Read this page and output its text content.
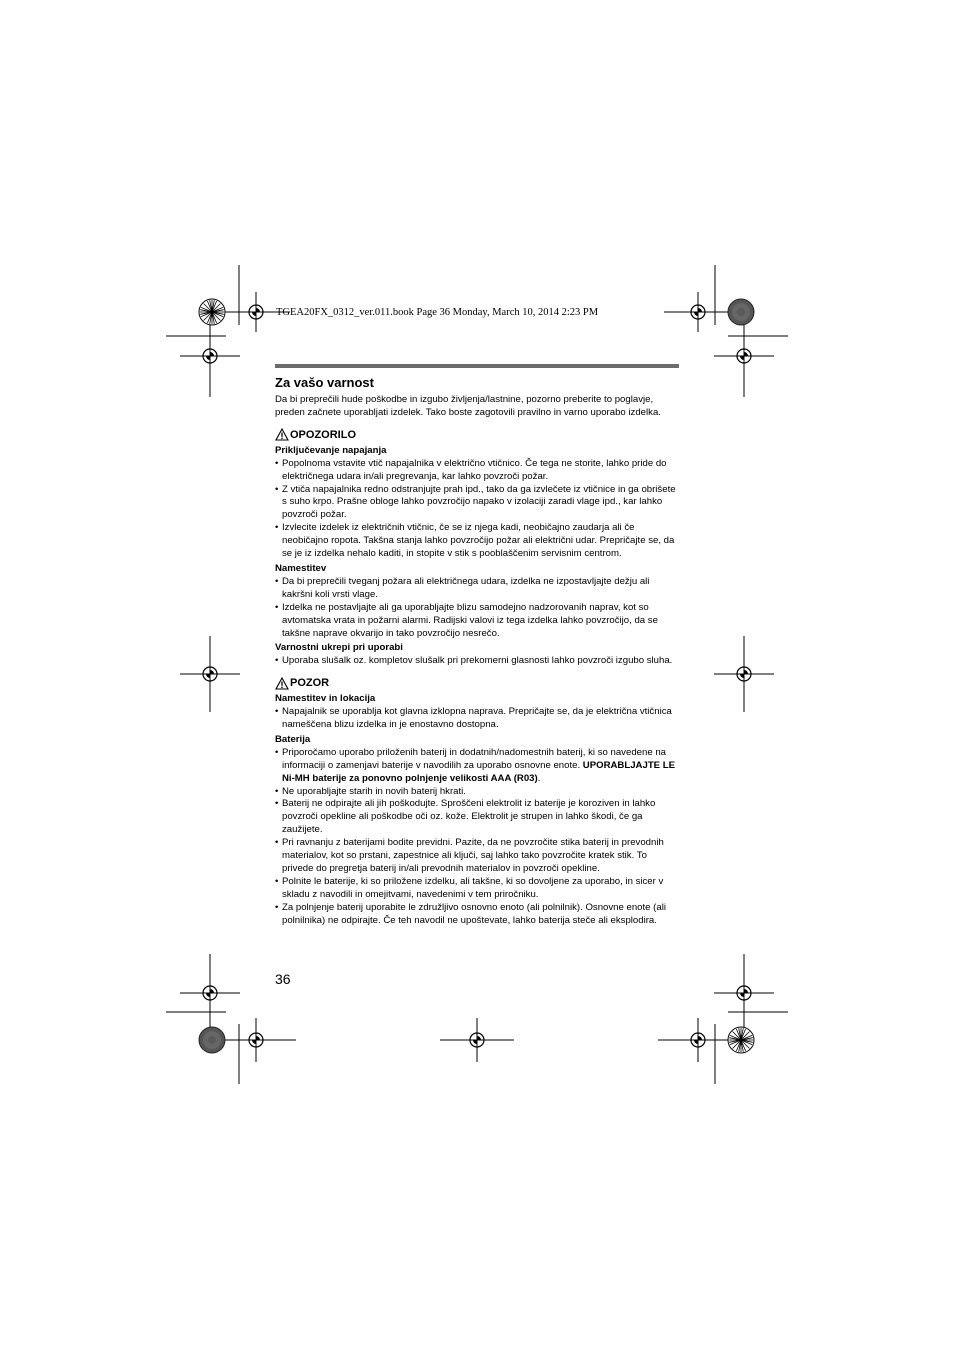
TGEA20FX_0312_ver.011.book Page 36 Monday, March 10, 2014 2:23 PM
Za vašo varnost

Da bi preprečili hude poškodbe in izgubo življenja/lastnine, pozorno preberite to poglavje, preden začnete uporabljati izdelek. Tako boste zagotovili pravilno in varno uporabo izdelka.

OPOZORILO
Priključevanje napajanja
• Popolnoma vstavite vtič napajalnika v električno vtičnico. Če tega ne storite, lahko pride do električnega udara in/ali pregrevanja, kar lahko povzroči požar.
• Z vtiča napajalnika redno odstranjujte prah ipd., tako da ga izvlečete iz vtičnice in ga obrišete s suho krpo. Prašne obloge lahko povzročijo napako v izolaciji zaradi vlage ipd., kar lahko povzroči požar.
• Izvlecite izdelek iz električnih vtičnic, če se iz njega kadi, neobičajno zaudarja ali če neobičajno ropota. Takšna stanja lahko povzročijo požar ali električni udar. Prepričajte se, da se je iz izdelka nehalo kaditi, in stopite v stik s pooblaščenim servisnim centrom.
Namestitev
• Da bi preprečili tveganj požara ali električnega udara, izdelka ne izpostavljajte dežju ali kakršni koli vrsti vlage.
• Izdelka ne postavljajte ali ga uporabljajte blizu samodejno nadzorovanih naprav, kot so avtomatska vrata in požarni alarmi. Radijski valovi iz tega izdelka lahko povzročijo, da se takšne naprave okvarijo in tako povzročijo nesrečo.
Varnostni ukrepi pri uporabi
• Uporaba slušalk oz. kompletov slušalk pri prekomerni glasnosti lahko povzroči izgubo sluha.
POZOR
Namestitev in lokacija
• Napajalnik se uporablja kot glavna izklopna naprava. Prepričajte se, da je električna vtičnica nameščena blizu izdelka in je enostavno dostopna.
Baterija
• Priporočamo uporabo priloženih baterij in dodatnih/nadomestnih baterij, ki so navedene na informaciji o zamenjavi baterije v navodilih za uporabo osnovne enote. UPORABLJAJTE LE Ni-MH baterije za ponovno polnjenje velikosti AAA (R03).
• Ne uporabljajte starih in novih baterij hkrati.
• Baterij ne odpirajte ali jih poškodujte. Sproščeni elektrolit iz baterije je koroziven in lahko povzroči opekline ali poškodbe oči oz. kože. Elektrolit je strupen in lahko škodi, če ga zaužijete.
• Pri ravnanju z baterijami bodite previdni. Pazite, da ne povzročite stika baterij in prevodnih materialov, kot so prstani, zapestnice ali ključi, saj lahko tako povzročite kratek stik. To privede do pregretja baterij in/ali prevodnih materialov in povzroči opekline.
• Polnite le baterije, ki so priložene izdelku, ali takšne, ki so dovoljene za uporabo, in sicer v skladu z navodili in omejitvami, navedenimi v tem priročniku.
• Za polnjenje baterij uporabite le združljivo osnovno enoto (ali polnilnik). Osnovne enote (ali polnilnika) ne odpirajte. Če teh navodil ne upoštevate, lahko baterija steče ali eksplodira.
36
